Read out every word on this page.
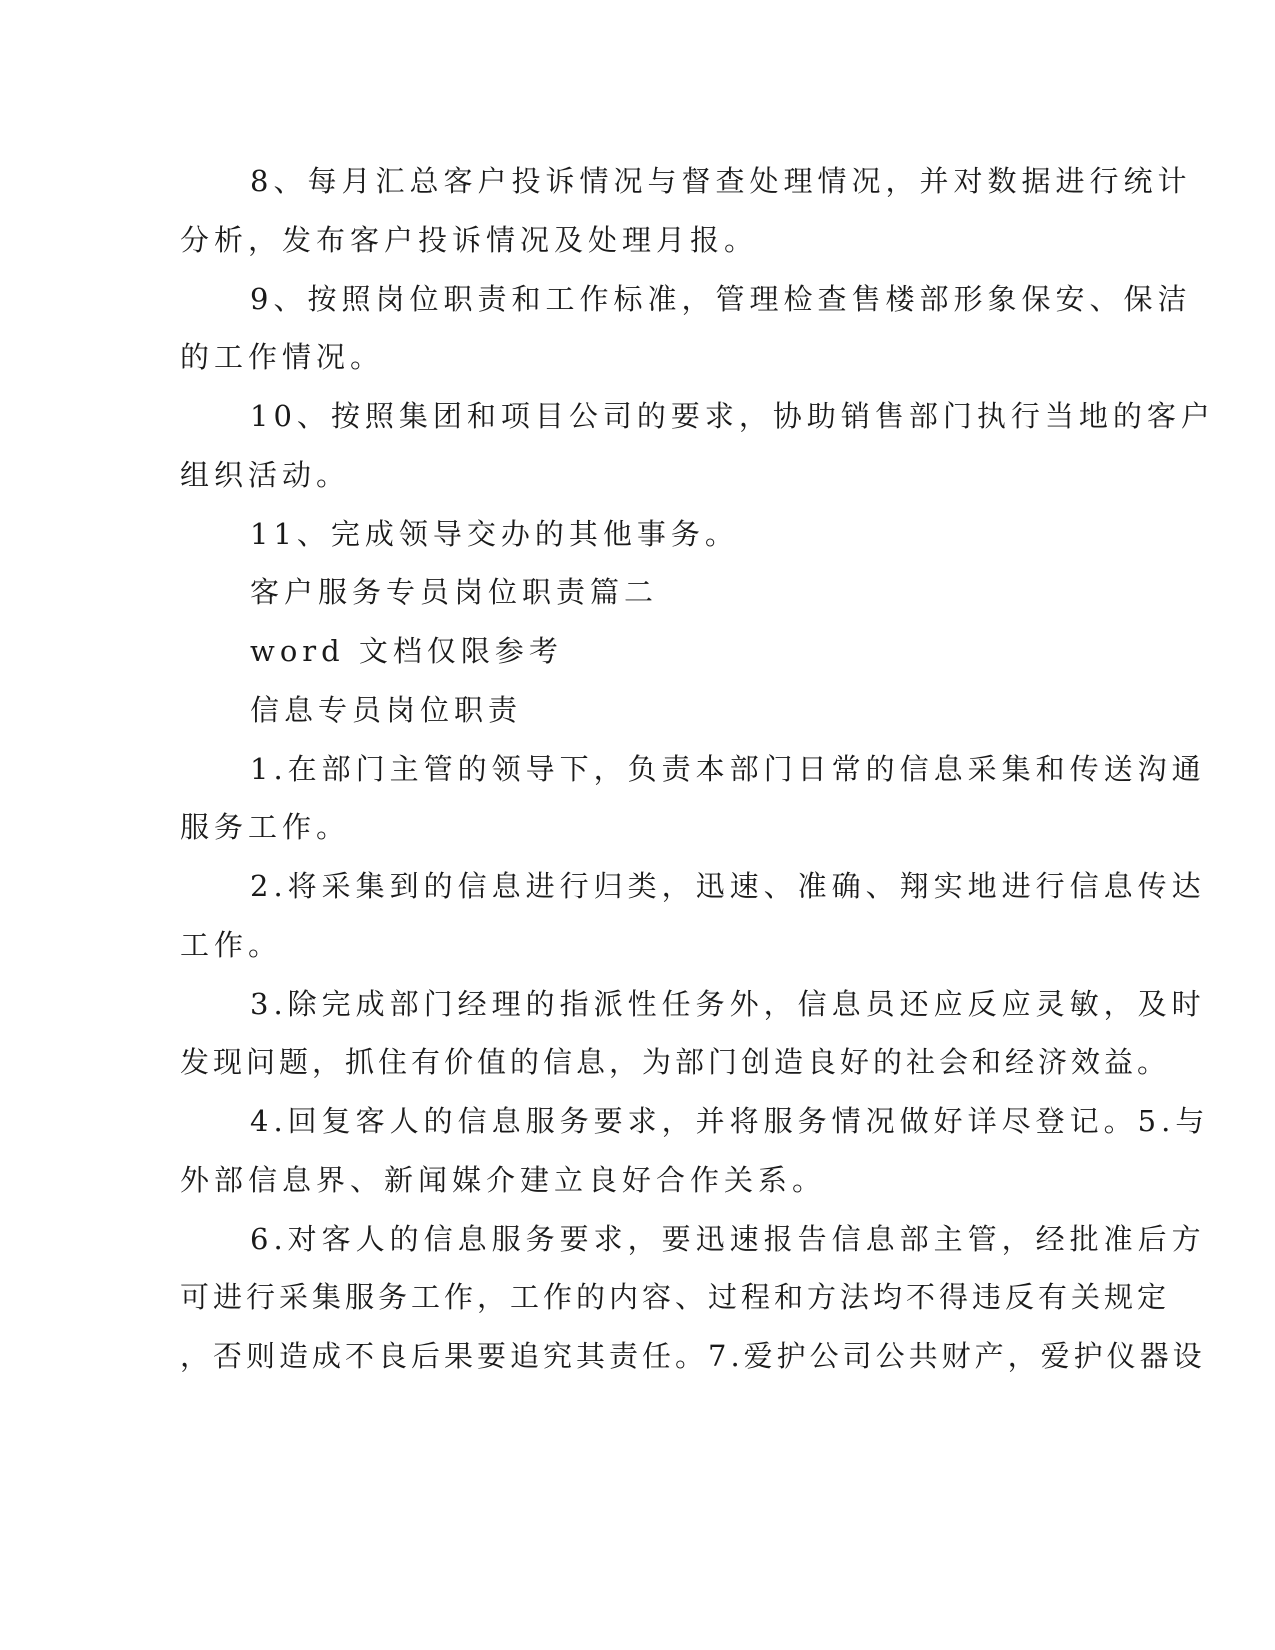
8、每月汇总客户投诉情况与督查处理情况，并对数据进行统计
分析，发布客户投诉情况及处理月报。
9、按照岗位职责和工作标准，管理检查售楼部形象保安、保洁
的工作情况。
10、按照集团和项目公司的要求，协助销售部门执行当地的客户
组织活动。
11、完成领导交办的其他事务。
客户服务专员岗位职责篇二
word 文档仅限参考
信息专员岗位职责
1.在部门主管的领导下，负责本部门日常的信息采集和传送沟通
服务工作。
2.将采集到的信息进行归类，迅速、准确、翔实地进行信息传达
工作。
3.除完成部门经理的指派性任务外，信息员还应反应灵敏，及时
发现问题，抓住有价值的信息，为部门创造良好的社会和经济效益。
4.回复客人的信息服务要求，并将服务情况做好详尽登记。5.与
外部信息界、新闻媒介建立良好合作关系。
6.对客人的信息服务要求，要迅速报告信息部主管，经批准后方
可进行采集服务工作，工作的内容、过程和方法均不得违反有关规定
，否则造成不良后果要追究其责任。7.爱护公司公共财产，爱护仪器设
